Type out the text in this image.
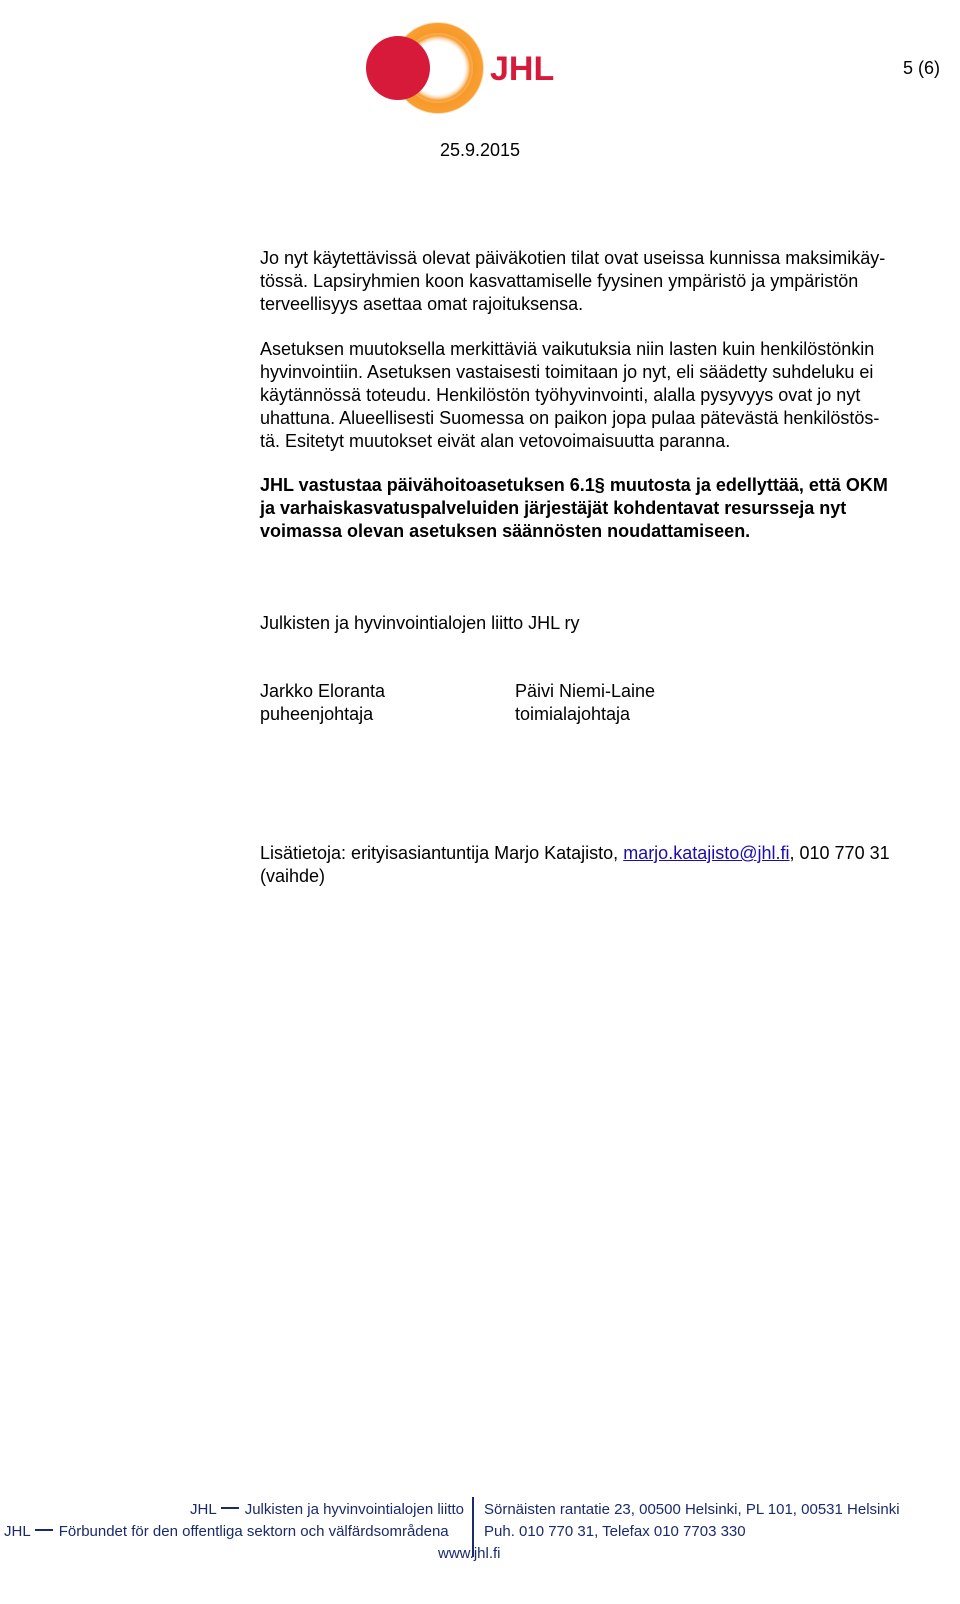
JHL	5 (6)
25.9.2015
Jo nyt käytettävissä olevat päiväkotien tilat ovat useissa kunnissa maksimikäy-
tössä. Lapsiryhmien koon kasvattamiselle fyysinen ympäristö ja ympäristön
terveellisyys asettaa omat rajoituksensa.
Asetuksen muutoksella merkittäviä vaikutuksia niin lasten kuin henkilöstönkin
hyvinvointiin. Asetuksen vastaisesti toimitaan jo nyt, eli säädetty suhdeluku ei
käytännössä toteudu. Henkilöstön työhyvinvointi, alalla pysyvyys ovat jo nyt
uhattuna. Alueellisesti Suomessa on paikon jopa pulaa pätevästä henkilöstös-
tä. Esitetyt muutokset eivät alan vetovoimaisuutta paranna.
JHL vastustaa päivähoitoasetuksen 6.1§ muutosta ja edellyttää, että OKM
ja varhaiskasvatuspalveluiden järjestäjät kohdentavat resursseja nyt
voimassa olevan asetuksen säännösten noudattamiseen.
Julkisten ja hyvinvointialojen liitto JHL ry
Jarkko Eloranta
puheenjohtaja
Päivi Niemi-Laine
toimialajohtaja
Lisätietoja: erityisasiantuntija Marjo Katajisto, marjo.katajisto@jhl.fi, 010 770 31
(vaihde)
JHL Julkisten ja hyvinvointialojen liitto
JHL Förbundet för den offentliga sektorn och välfärdsområdena
Sörnäisten rantatie 23, 00500 Helsinki, PL 101, 00531 Helsinki
Puh. 010 770 31, Telefax 010 7703 330
www.jhl.fi
